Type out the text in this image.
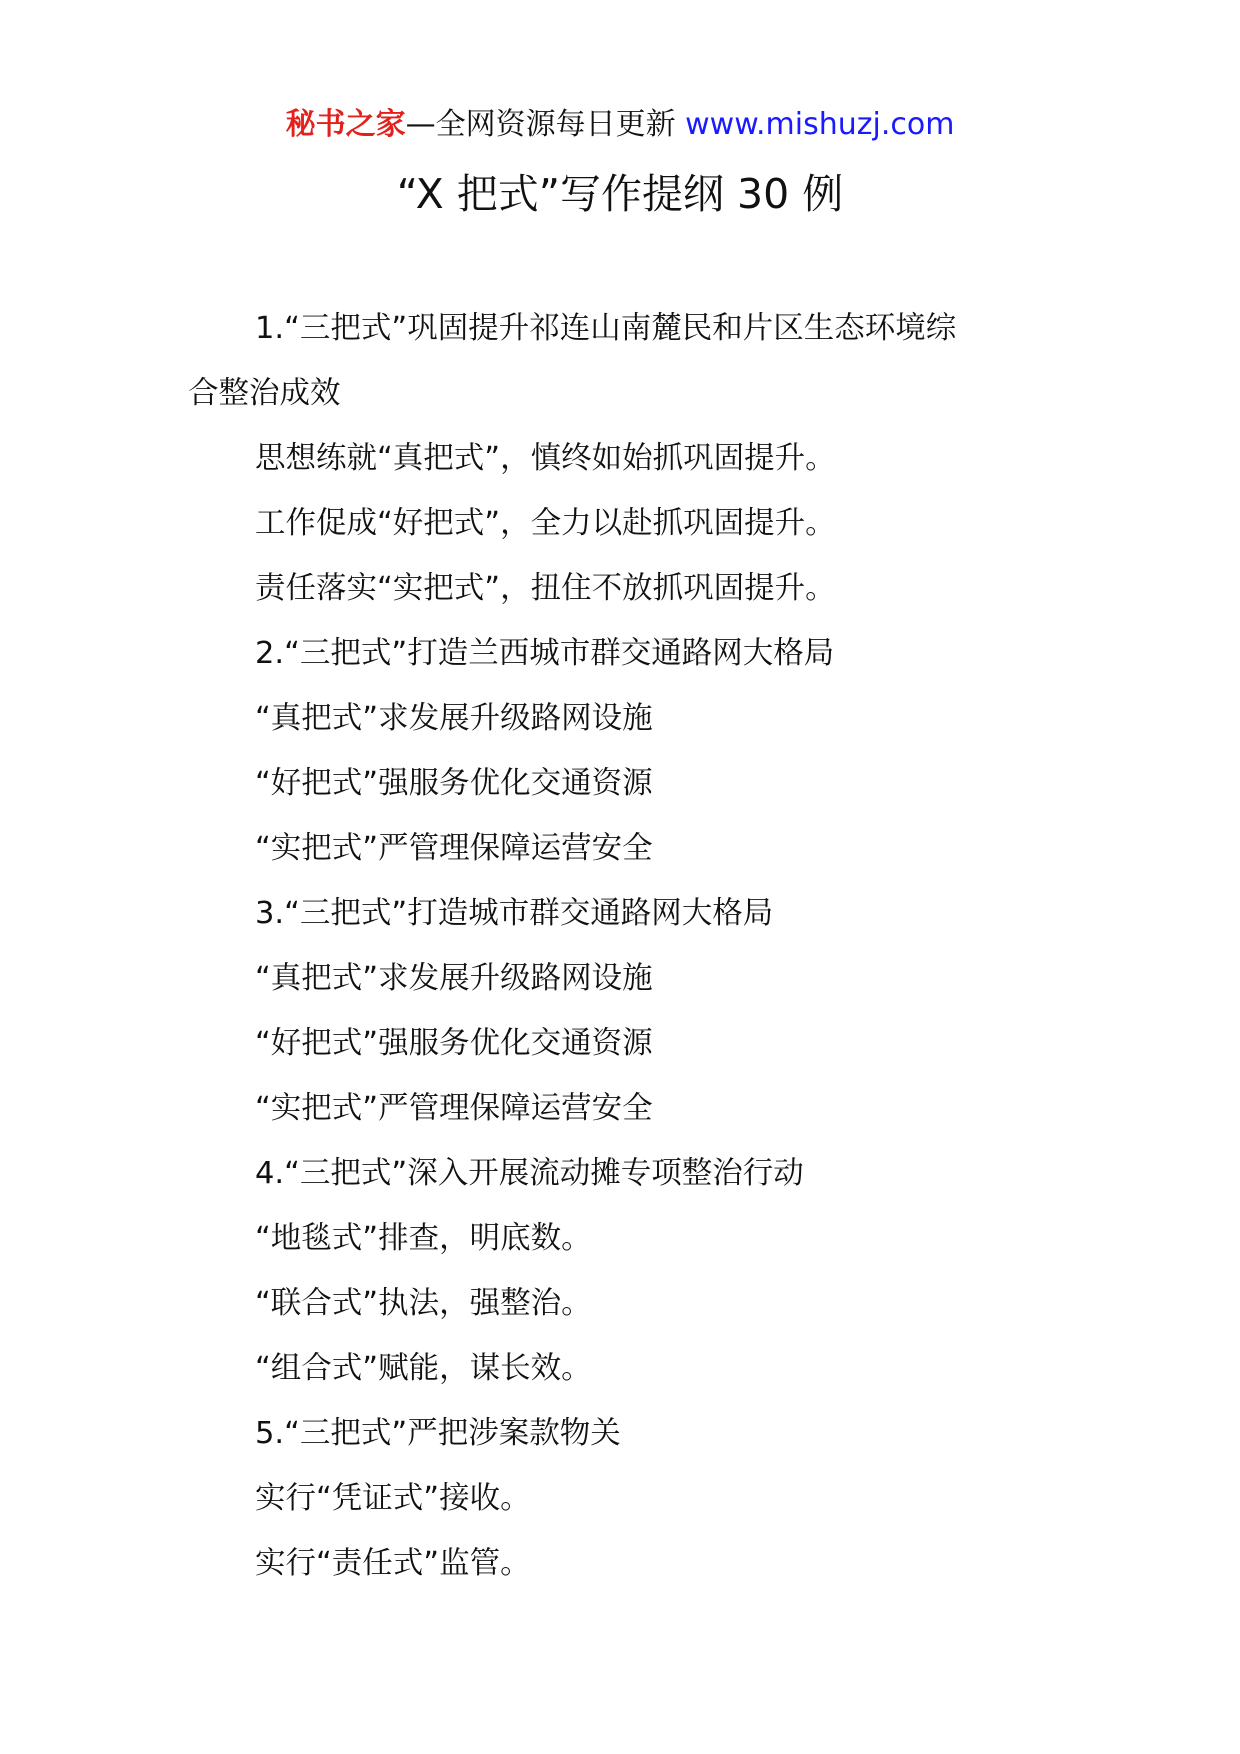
秘书之家—全网资源每日更新 www.mishuzj.com
“X 把式”写作提纲 30 例
1.“三把式”巩固提升祁连山南麓民和片区生态环境综
合整治成效
思想练就“真把式”，慎终如始抓巩固提升。
工作促成“好把式”，全力以赴抓巩固提升。
责任落实“实把式”，扭住不放抓巩固提升。
2.“三把式”打造兰西城市群交通路网大格局
“真把式”求发展升级路网设施
“好把式”强服务优化交通资源
“实把式”严管理保障运营安全
3.“三把式”打造城市群交通路网大格局
“真把式”求发展升级路网设施
“好把式”强服务优化交通资源
“实把式”严管理保障运营安全
4.“三把式”深入开展流动摊专项整治行动
“地毯式”排查，明底数。
“联合式”执法，强整治。
“组合式”赋能，谋长效。
5.“三把式”严把涉案款物关
实行“凭证式”接收。
实行“责任式”监管。
